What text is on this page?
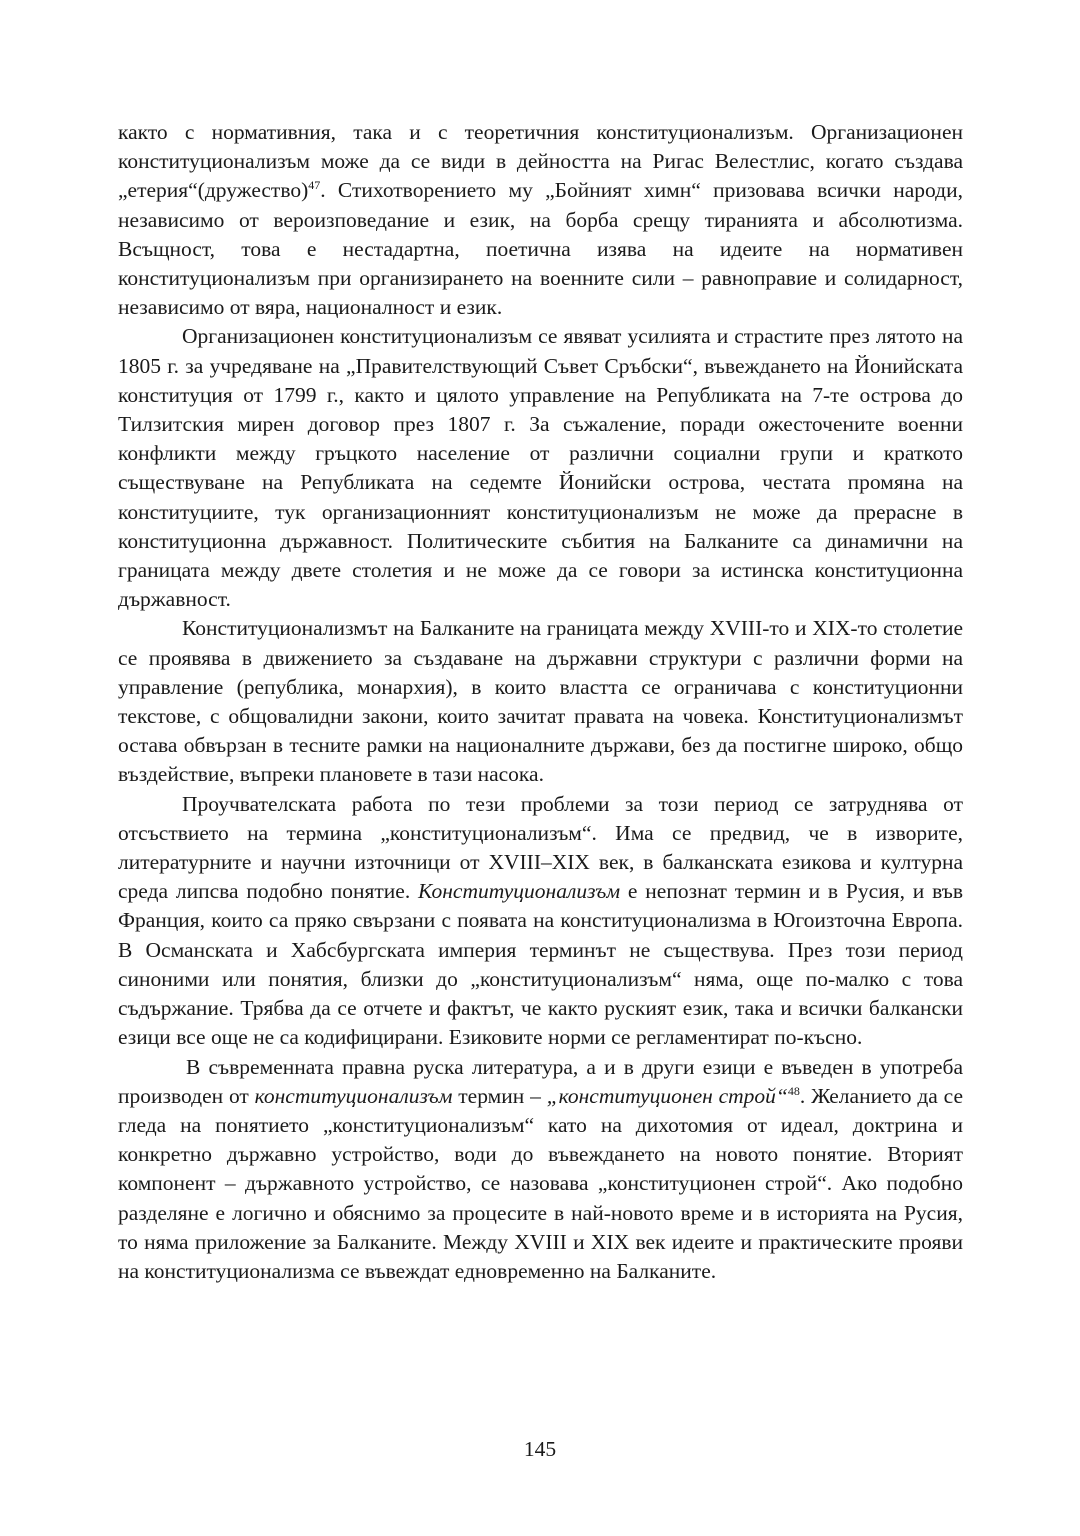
както с нормативния, така и с теоретичния конституционализъм. Организационен конституционализъм може да се види в дейността на Ригас Велестлис, когато създава „етерия“(дружество)$^{47}$. Стихотворението му „Бойният химн“ призовава всички народи, независимо от вероизповедание и език, на борба срещу тиранията и абсолютизма. Всъщност, това е нестадартна, поетична изява на идеите на нормативен конституционализъм при организирането на военните сили – равноправие и солидарност, независимо от вяра, националност и език.

Организационен конституционализъм се явяват усилията и страстите през лятото на 1805 г. за учредяване на „Правителствующий Съвет Сръбски“, въвеждането на Йонийската конституция от 1799 г., както и цялото управление на Републиката на 7-те острова до Тилзитския мирен договор през 1807 г. За съжаление, поради ожесточените военни конфликти между гръцкото население от различни социални групи и краткото съществуване на Републиката на седемте Йонийски острова, честата промяна на конституциите, тук организационният конституционализъм не може да прерасне в конституционна държавност. Политическите събития на Балканите са динамични на границата между двете столетия и не може да се говори за истинска конституционна държавност.

Конституционализмът на Балканите на границата между XVIII-то и XIX-то столетие се проявява в движението за създаване на държавни структури с различни форми на управление (република, монархия), в които властта се ограничава с конституционни текстове, с общовалидни закони, които зачитат правата на човека. Конституционализмът остава обвързан в тесните рамки на националните държави, без да постигне широко, общо въздействие, въпреки плановете в тази насока.

Проучвателската работа по тези проблеми за този период се затруднява от отсъствието на термина „конституционализъм“. Има се предвид, че в изворите, литературните и научни източници от XVIII–XIX век, в балканската езикова и културна среда липсва подобно понятие. Конституционализъм е непознат термин и в Русия, и във Франция, които са пряко свързани с появата на конституционализма в Югоизточна Европа. В Османската и Хабсбургската империя терминът не съществува. През този период синоними или понятия, близки до „конституционализъм“ няма, още по-малко с това съдържание. Трябва да се отчете и фактът, че както руският език, така и всички балкански езици все още не са кодифицирани. Езиковите норми се регламентират по-късно.

В съвременната правна руска литература, а и в други езици е въведен в употреба производен от конституционализъм термин – „конституционен строй“$^{48}$. Желанието да се гледа на понятието „конституционализъм“ като на дихотомия от идеал, доктрина и конкретно държавно устройство, води до въвеждането на новото понятие. Вторият компонент – държавното устройство, се назовава „конституционен строй“. Ако подобно разделяне е логично и обяснимо за процесите в най-новото време и в историята на Русия, то няма приложение за Балканите. Между XVIII и XIX век идеите и практическите прояви на конституционализма се въвеждат едновременно на Балканите.

145
